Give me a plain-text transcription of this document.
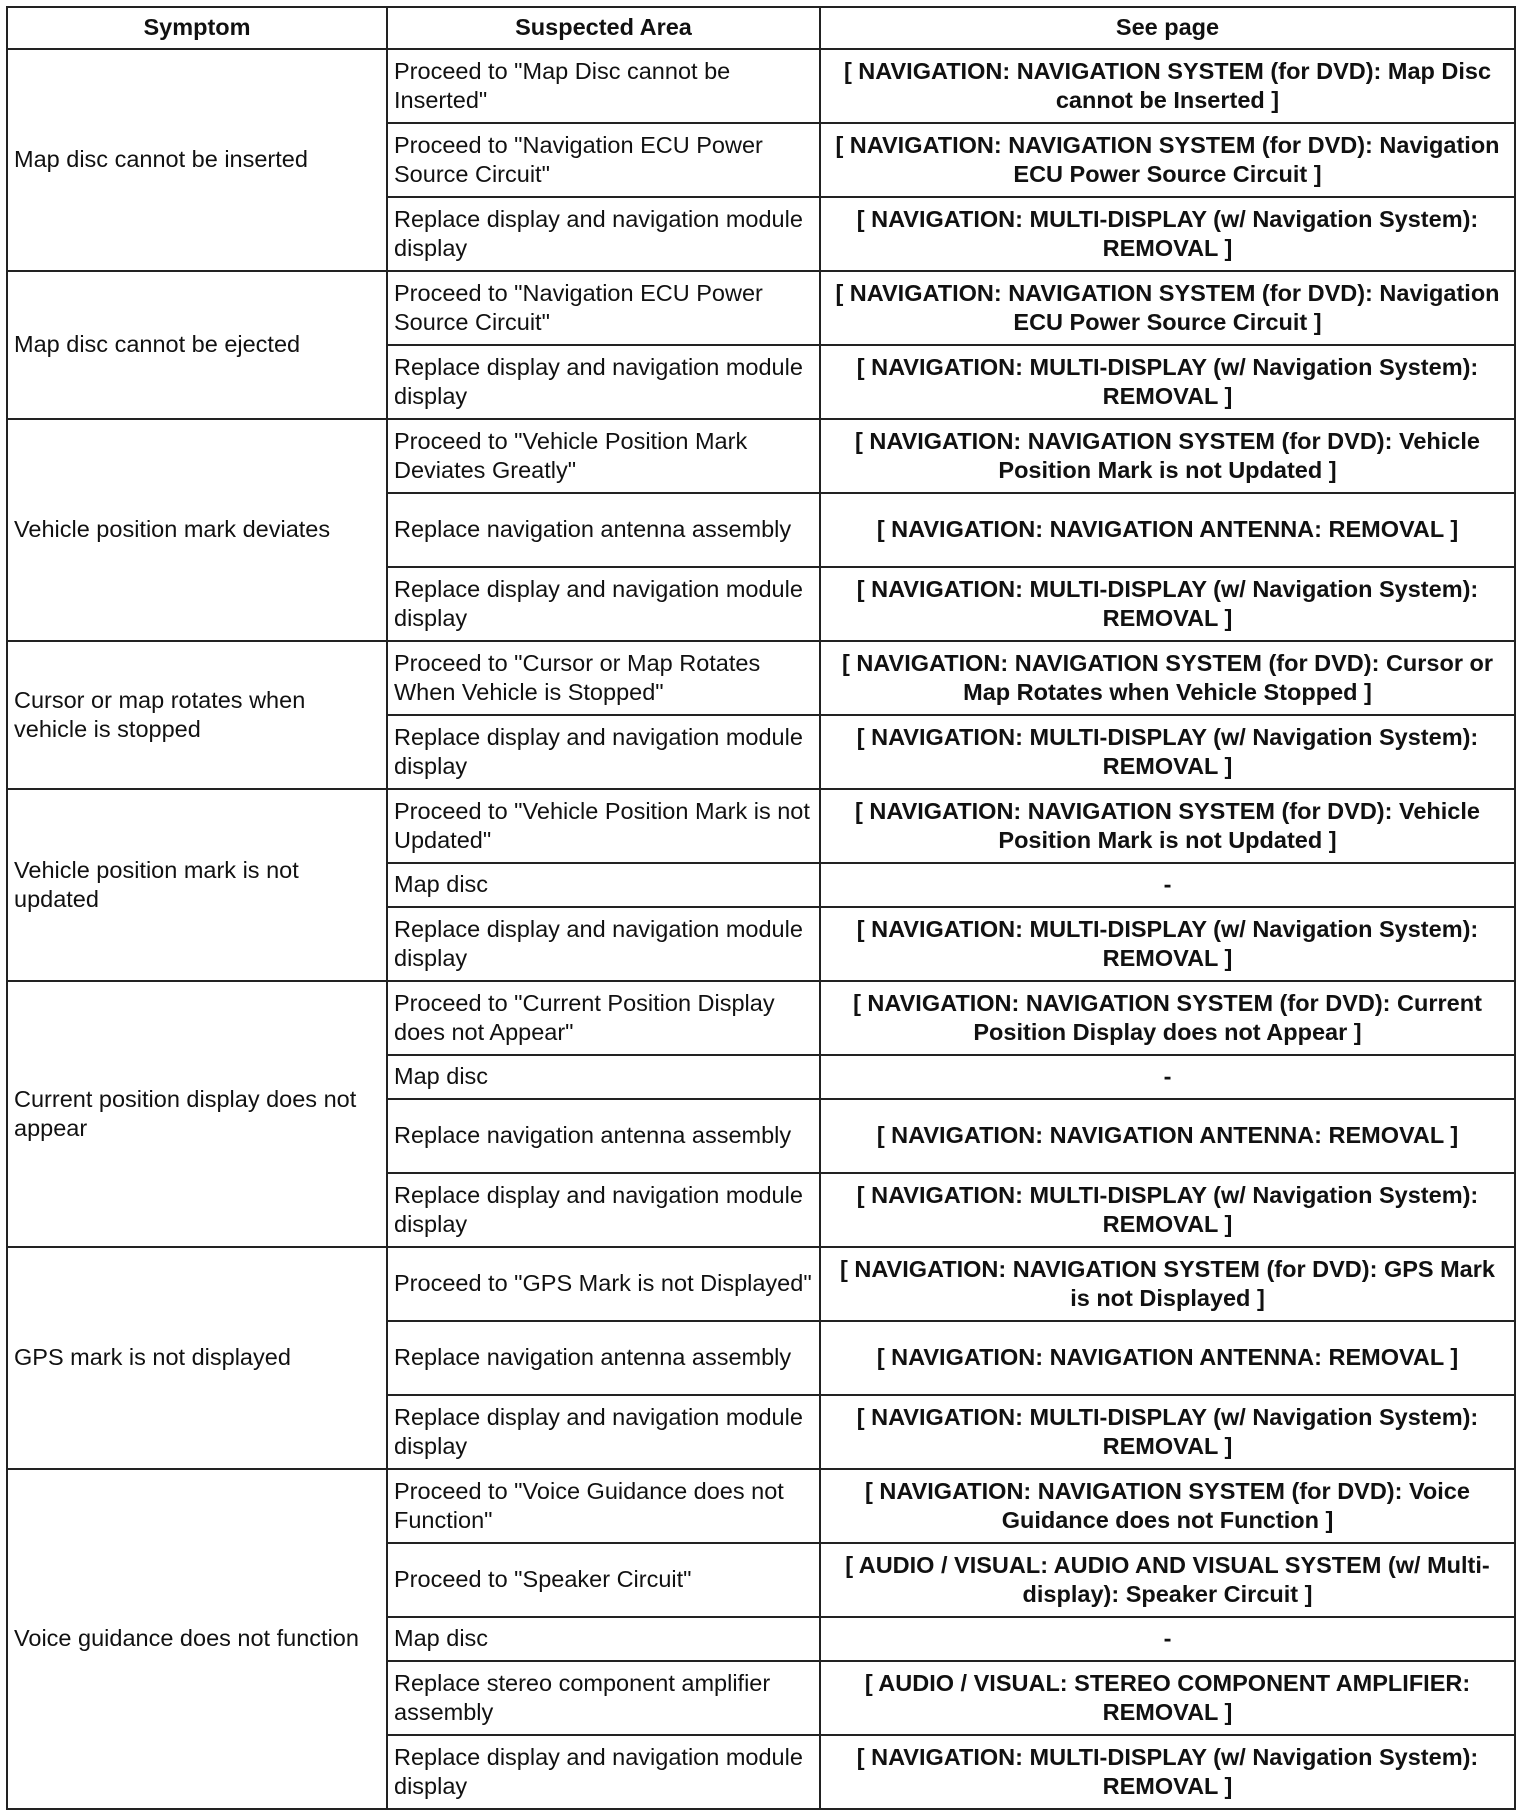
Symptom	Suspected Area	See page
Map disc cannot be inserted	Proceed to "Map Disc cannot be Inserted"	[ NAVIGATION: NAVIGATION SYSTEM (for DVD): Map Disc cannot be Inserted ]
	Proceed to "Navigation ECU Power Source Circuit"	[ NAVIGATION: NAVIGATION SYSTEM (for DVD): Navigation ECU Power Source Circuit ]
	Replace display and navigation module display	[ NAVIGATION: MULTI-DISPLAY (w/ Navigation System): REMOVAL ]
Map disc cannot be ejected	Proceed to "Navigation ECU Power Source Circuit"	[ NAVIGATION: NAVIGATION SYSTEM (for DVD): Navigation ECU Power Source Circuit ]
	Replace display and navigation module display	[ NAVIGATION: MULTI-DISPLAY (w/ Navigation System): REMOVAL ]
Vehicle position mark deviates	Proceed to "Vehicle Position Mark Deviates Greatly"	[ NAVIGATION: NAVIGATION SYSTEM (for DVD): Vehicle Position Mark is not Updated ]
	Replace navigation antenna assembly	[ NAVIGATION: NAVIGATION ANTENNA: REMOVAL ]
	Replace display and navigation module display	[ NAVIGATION: MULTI-DISPLAY (w/ Navigation System): REMOVAL ]
Cursor or map rotates when vehicle is stopped	Proceed to "Cursor or Map Rotates When Vehicle is Stopped"	[ NAVIGATION: NAVIGATION SYSTEM (for DVD): Cursor or Map Rotates when Vehicle Stopped ]
	Replace display and navigation module display	[ NAVIGATION: MULTI-DISPLAY (w/ Navigation System): REMOVAL ]
Vehicle position mark is not updated	Proceed to "Vehicle Position Mark is not Updated"	[ NAVIGATION: NAVIGATION SYSTEM (for DVD): Vehicle Position Mark is not Updated ]
	Map disc	-
	Replace display and navigation module display	[ NAVIGATION: MULTI-DISPLAY (w/ Navigation System): REMOVAL ]
Current position display does not appear	Proceed to "Current Position Display does not Appear"	[ NAVIGATION: NAVIGATION SYSTEM (for DVD): Current Position Display does not Appear ]
	Map disc	-
	Replace navigation antenna assembly	[ NAVIGATION: NAVIGATION ANTENNA: REMOVAL ]
	Replace display and navigation module display	[ NAVIGATION: MULTI-DISPLAY (w/ Navigation System): REMOVAL ]
GPS mark is not displayed	Proceed to "GPS Mark is not Displayed"	[ NAVIGATION: NAVIGATION SYSTEM (for DVD): GPS Mark is not Displayed ]
	Replace navigation antenna assembly	[ NAVIGATION: NAVIGATION ANTENNA: REMOVAL ]
	Replace display and navigation module display	[ NAVIGATION: MULTI-DISPLAY (w/ Navigation System): REMOVAL ]
Voice guidance does not function	Proceed to "Voice Guidance does not Function"	[ NAVIGATION: NAVIGATION SYSTEM (for DVD): Voice Guidance does not Function ]
	Proceed to "Speaker Circuit"	[ AUDIO / VISUAL: AUDIO AND VISUAL SYSTEM (w/ Multi-display): Speaker Circuit ]
	Map disc	-
	Replace stereo component amplifier assembly	[ AUDIO / VISUAL: STEREO COMPONENT AMPLIFIER: REMOVAL ]
	Replace display and navigation module display	[ NAVIGATION: MULTI-DISPLAY (w/ Navigation System): REMOVAL ]
